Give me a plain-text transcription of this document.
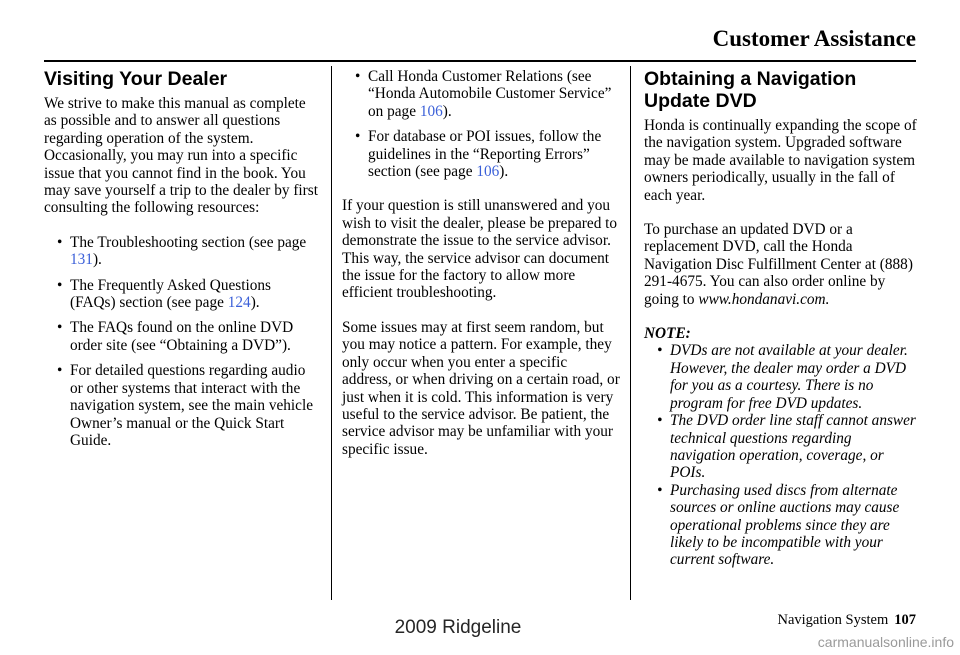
Customer Assistance
Visiting Your Dealer

We strive to make this manual as complete as possible and to answer all questions regarding operation of the system. Occasionally, you may run into a specific issue that you cannot find in the book. You may save yourself a trip to the dealer by first consulting the following resources:

• The Troubleshooting section (see page 131).
• The Frequently Asked Questions (FAQs) section (see page 124).
• The FAQs found on the online DVD order site (see “Obtaining a DVD”).
• For detailed questions regarding audio or other systems that interact with the navigation system, see the main vehicle Owner’s manual or the Quick Start Guide.
• Call Honda Customer Relations (see “Honda Automobile Customer Service” on page 106).
• For database or POI issues, follow the guidelines in the “Reporting Errors” section (see page 106).

If your question is still unanswered and you wish to visit the dealer, please be prepared to demonstrate the issue to the service advisor. This way, the service advisor can document the issue for the factory to allow more efficient troubleshooting.

Some issues may at first seem random, but you may notice a pattern. For example, they only occur when you enter a specific address, or when driving on a certain road, or just when it is cold. This information is very useful to the service advisor. Be patient, the service advisor may be unfamiliar with your specific issue.

Obtaining a Navigation Update DVD

Honda is continually expanding the scope of the navigation system. Upgraded software may be made available to navigation system owners periodically, usually in the fall of each year.

To purchase an updated DVD or a replacement DVD, call the Honda Navigation Disc Fulfillment Center at (888) 291-4675. You can also order online by going to www.hondanavi.com.

NOTE:
• DVDs are not available at your dealer. However, the dealer may order a DVD for you as a courtesy. There is no program for free DVD updates.
• The DVD order line staff cannot answer technical questions regarding navigation operation, coverage, or POIs.
• Purchasing used discs from alternate sources or online auctions may cause operational problems since they are likely to be incompatible with your current software.
Navigation System 107
2009 Ridgeline
carmanualsonline.info
